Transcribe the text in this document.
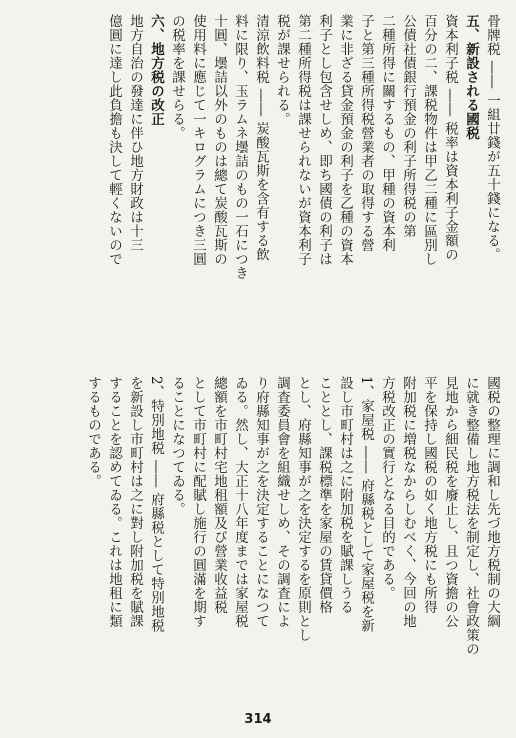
骨牌税 ―― 一組廿錢が五十錢になる。

五、新設される國税

資本利子税 ―― 税率は資本利子金額の

百分の二、課税物件は甲乙二種に區別し

公債社債銀行預金の利子所得税の第

二種所得に關するもの、甲種の資本利

子と第三種所得税營業者の取得する營

業に非ざる貸金預金の利子を乙種の資本

利子とし包含せしめ、即ち國債の利子は

第二種所得税は課せられないが資本利子

税が課せられる。

清涼飲料税 ―― 炭酸瓦斯を含有する飲

料に限り、玉ラムネ壜詰のもの一石につき

十圓、壜詰以外のものは總て炭酸瓦斯の

使用料に應じて一キログラムにつき三圓

の税率を課せらる。

六、地方税の改正

地方自治の發達に伴ひ地方財政は十三

億圓に達し此負擔も決して輕くないので

國税の整理に調和し先づ地方税制の大綱

に就き整備し地方税法を制定し、社會政策の

見地から細民税を廢止し、且つ資擔の公

平を保持し國税の如く地方税にも所得

附加税に増税なからしむべく、今回の地

方税改正の實行となる目的である。

1、家屋税 ―― 府縣税として家屋税を新

設し市町村は之に附加税を賦課しうる

こととし、課税標準を家屋の賃貸價格

とし、府縣知事が之を決定するを原則とし

調査委員會を組織せしめ、その調査によ

り府縣知事が之を決定することになつて

ゐる。然し、大正十八年度までは家屋税

總額を市町村宅地租額及び營業收益税

として市町村に配賦し施行の圓滿を期す

ることになつてゐる。

2、特別地税 ―― 府縣税として特別地税

を新設し市町村は之に對し附加税を賦課

することを認めてゐる。これは地租に類

するものである。

314
